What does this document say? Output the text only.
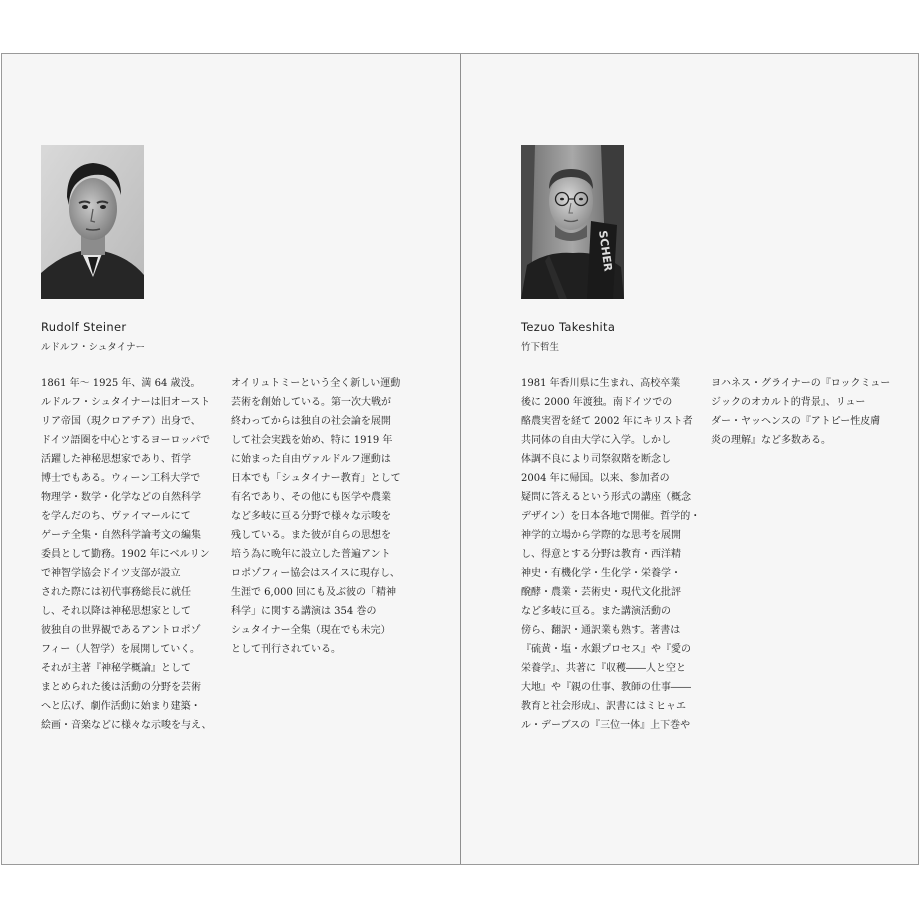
Rudolf Steiner
ルドルフ・シュタイナー
1861 年〜 1925 年、満 64 歳没。
ルドルフ・シュタイナーは旧オースト
リア帝国（現クロアチア）出身で、
ドイツ語圏を中心とするヨーロッパで
活躍した神秘思想家であり、哲学
博士でもある。ウィーン工科大学で
物理学・数学・化学などの自然科学
を学んだのち、ヴァイマールにて
ゲーテ全集・自然科学論考文の編集
委員として勤務。1902 年にベルリン
で神智学協会ドイツ支部が設立
された際には初代事務総長に就任
し、それ以降は神秘思想家として
彼独自の世界観であるアントロポゾ
フィー（人智学）を展開していく。
それが主著『神秘学概論』として
まとめられた後は活動の分野を芸術
へと広げ、劇作活動に始まり建築・
絵画・音楽などに様々な示唆を与え、
オイリュトミーという全く新しい運動
芸術を創始している。第一次大戦が
終わってからは独自の社会論を展開
して社会実践を始め、特に 1919 年
に始まった自由ヴァルドルフ運動は
日本でも「シュタイナー教育」として
有名であり、その他にも医学や農業
など多岐に亘る分野で様々な示唆を
残している。また彼が自らの思想を
培う為に晩年に設立した普遍アント
ロポゾフィー協会はスイスに現存し、
生涯で 6,000 回にも及ぶ彼の「精神
科学」に関する講演は 354 巻の
シュタイナー全集（現在でも未完）
として刊行されている。
SCHER
Tezuo Takeshita
竹下哲生
1981 年香川県に生まれ、高校卒業
後に 2000 年渡独。南ドイツでの
酪農実習を経て 2002 年にキリスト者
共同体の自由大学に入学。しかし
体調不良により司祭叙階を断念し
2004 年に帰国。以来、参加者の
疑問に答えるという形式の講座（概念
デザイン）を日本各地で開催。哲学的・
神学的立場から学際的な思考を展開
し、得意とする分野は教育・西洋精
神史・有機化学・生化学・栄養学・
醗酵・農業・芸術史・現代文化批評
など多岐に亘る。また講演活動の
傍ら、翻訳・通訳業も熟す。著書は
『硫黄・塩・水銀プロセス』や『愛の
栄養学』、共著に『収穫――人と空と
大地』や『親の仕事、教師の仕事――
教育と社会形成』、訳書にはミヒャエ
ル・デーブスの『三位一体』上下巻や
ヨハネス・グライナーの『ロックミュー
ジックのオカルト的背景』、リュー
ダー・ヤッヘンスの『アトピー性皮膚
炎の理解』など多数ある。
